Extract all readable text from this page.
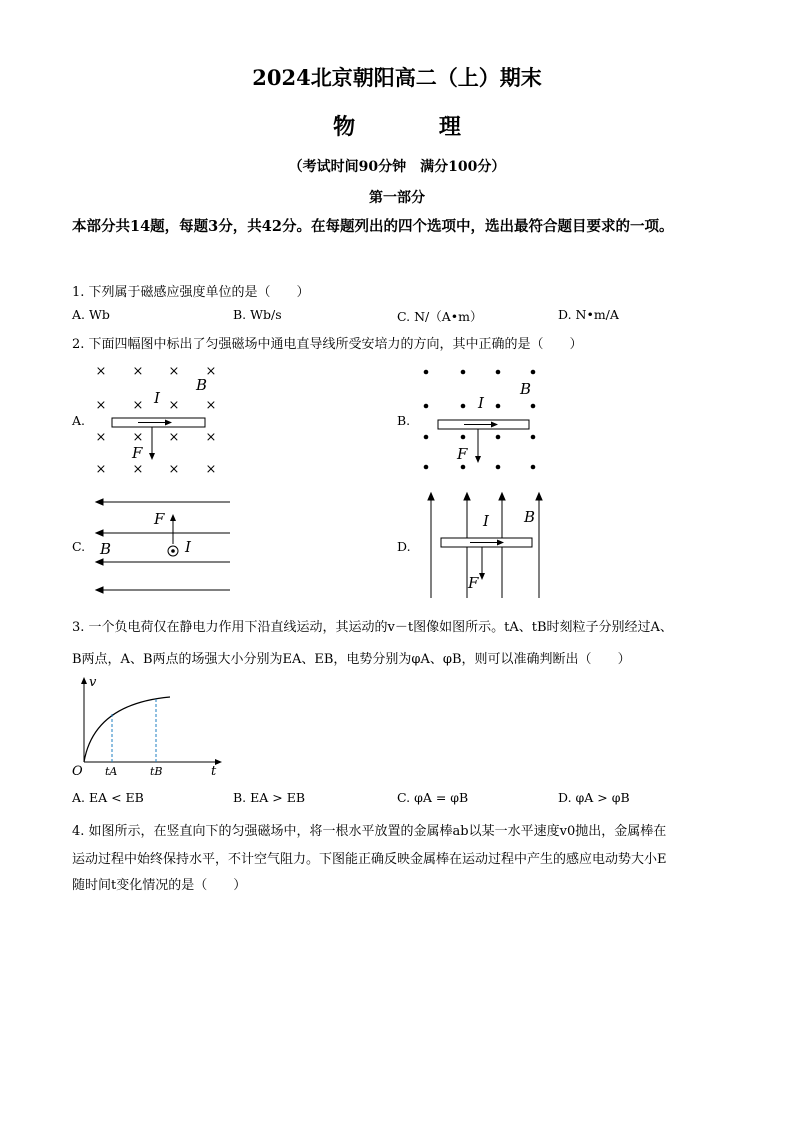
2024北京朝阳高二（上）期末
物 理
（考试时间90分钟　满分100分）
第一部分
本部分共14题，每题3分，共42分。在每题列出的四个选项中，选出最符合题目要求的一项。
1. 下列属于磁感应强度单位的是（　　）
A. Wb	B. Wb/s	C. N/（A•m）	D. N•m/A
2. 下面四幅图中标出了匀强磁场中通电直导线所受安培力的方向，其中正确的是（　　）
A.
× × × ×
× × × ×
× × × ×
× × × ×
B
I
F
B.
B
I
F
C.
F
B	I	D.
B
I
F
3. 一个负电荷仅在静电力作用下沿直线运动，其运动的v－t图像如图所示。tA、tB时刻粒子分别经过A、
B两点，A、B两点的场强大小分别为EA、EB，电势分别为φA、φB，则可以准确判断出（　　）
v
t
O tA	tB
A. EA < EB	B. EA > EB	C. φA = φB	D. φA > φB
4. 如图所示，在竖直向下的匀强磁场中，将一根水平放置的金属棒ab以某一水平速度v0抛出，金属棒在
运动过程中始终保持水平，不计空气阻力。下图能正确反映金属棒在运动过程中产生的感应电动势大小E
随时间t变化情况的是（　　）
